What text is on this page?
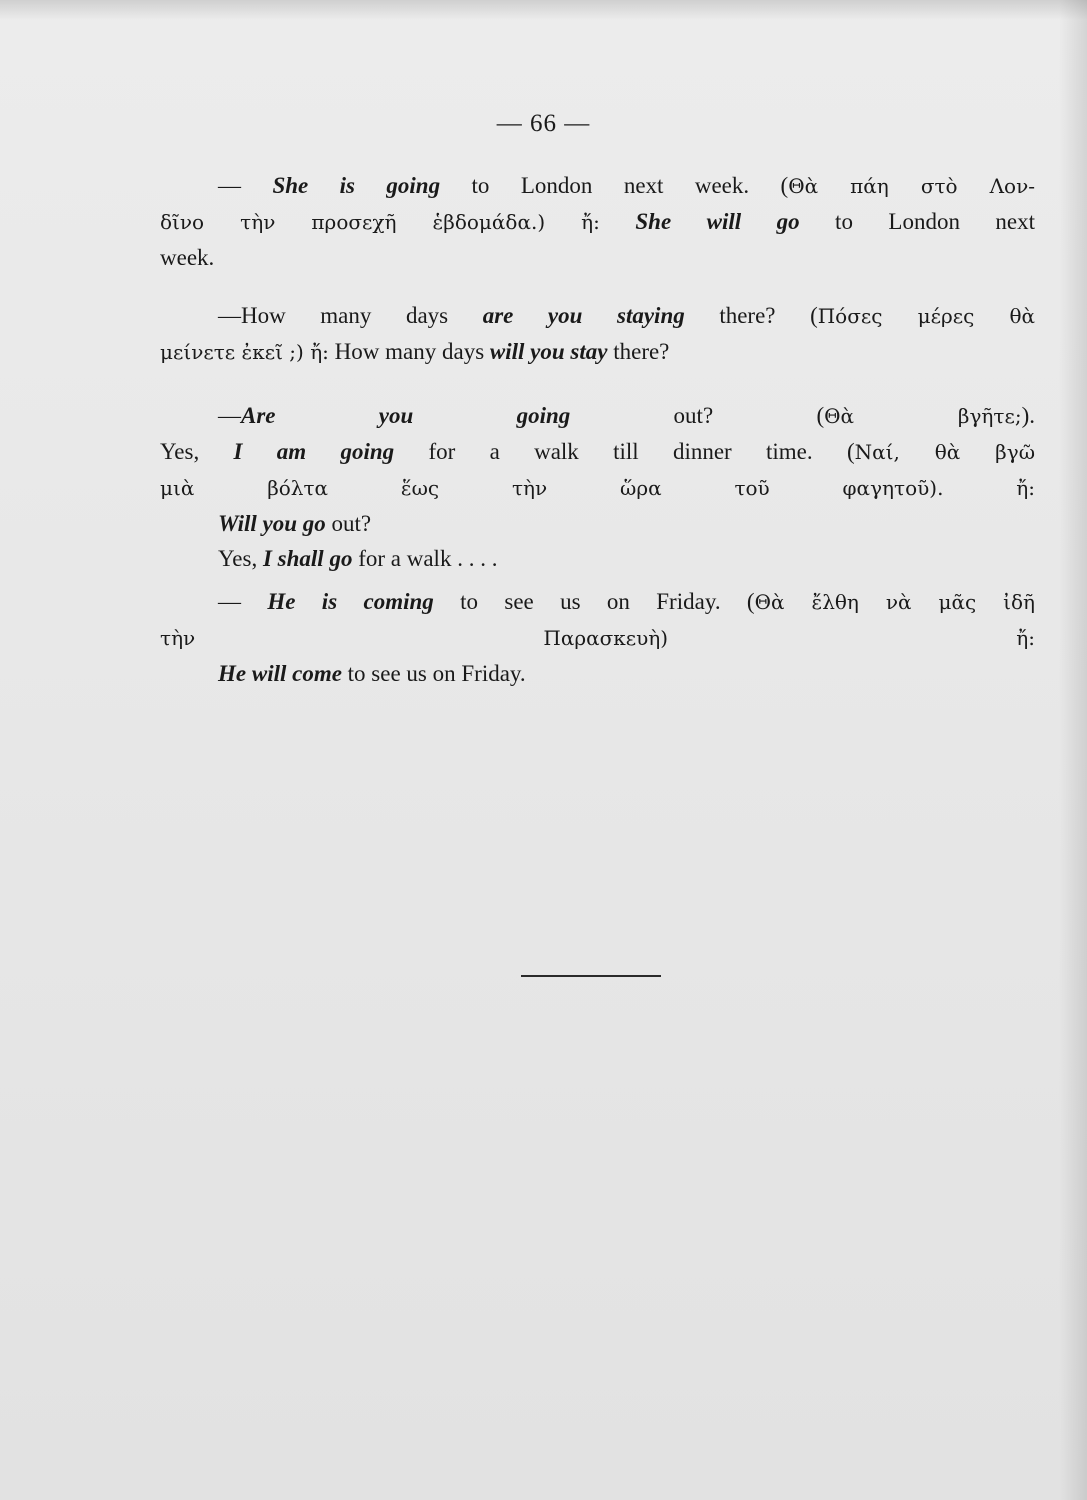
— 66 —
— She is going to London next week. (Θὰ πάη στὸ Λον-
δῖνο τὴν προσεχῆ ἑβδομάδα.) ἤ: She will go to London next
week.
—How many days are you staying there? (Πόσες μέρες θὰ
μείνετε ἐκεῖ ;) ἤ: How many days will you stay there?
—Are you going out? (Θὰ βγῆτε;).
Yes, I am going for a walk till dinner time. (Ναί, θὰ βγῶ
μιὰ βόλτα ἕως τὴν ὥρα τοῦ φαγητοῦ). ἤ:
Will you go out?
Yes, I shall go for a walk . . . .
— He is coming to see us on Friday. (Θὰ ἔλθη νὰ μᾶς ἰδῆ
τὴν Παρασκευὴ) ἤ:
He will come to see us on Friday.
